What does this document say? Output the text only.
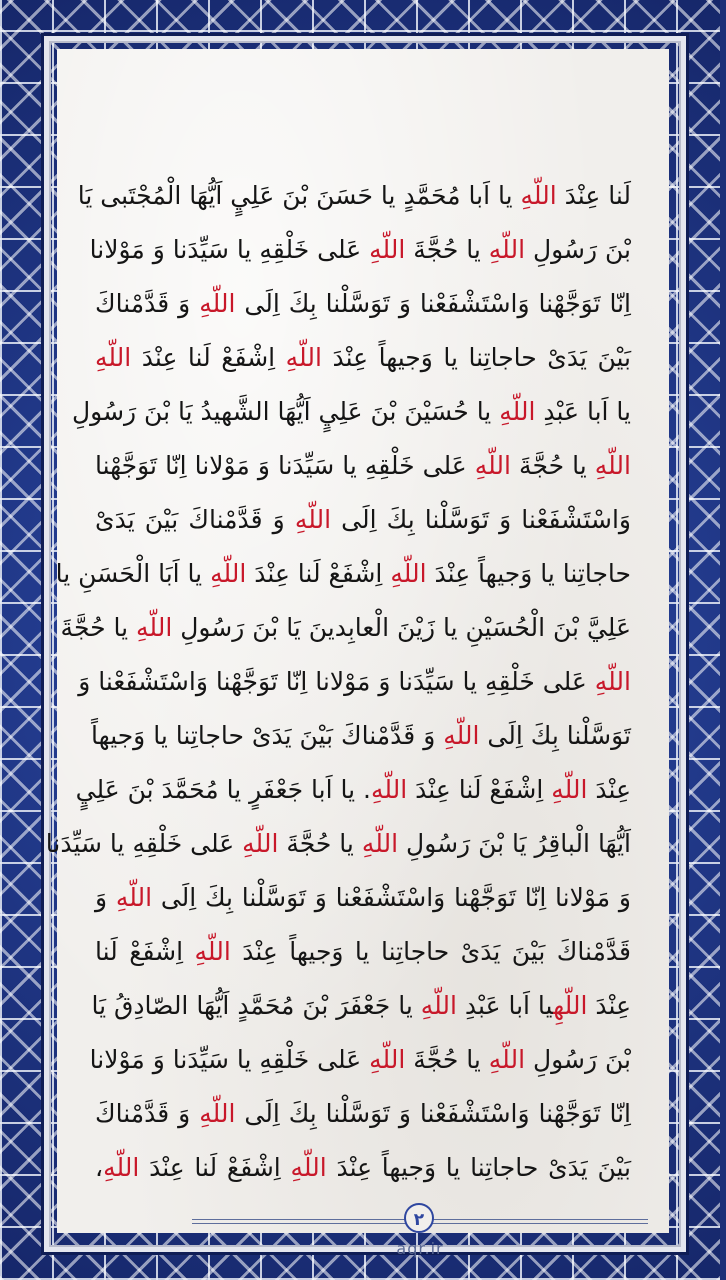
لَنا عِنْدَ اللّهِ يا اَبا مُحَمَّدٍ يا حَسَنَ بْنَ عَلِيٍ اَيُّهَا الْمُجْتَبى يَا
بْنَ رَسُولِ اللّهِ يا حُجَّةَ اللّهِ عَلى خَلْقِهِ يا سَيِّدَنا وَ مَوْلانا
اِنّا تَوَجَّهْنا وَاسْتَشْفَعْنا وَ تَوَسَّلْنا بِكَ اِلَى اللّهِ وَ قَدَّمْناكَ
بَيْنَ يَدَیْ حاجاتِنا يا وَجيهاً عِنْدَ اللّهِ اِشْفَعْ لَنا عِنْدَ اللّهِ
يا اَبا عَبْدِ اللّهِ يا حُسَيْنَ بْنَ عَلِيٍ اَيُّهَا الشَّهيدُ يَا بْنَ رَسُولِ
اللّهِ يا حُجَّةَ اللّهِ عَلى خَلْقِهِ يا سَيِّدَنا وَ مَوْلانا اِنّا تَوَجَّهْنا
وَاسْتَشْفَعْنا وَ تَوَسَّلْنا بِكَ اِلَى اللّهِ وَ قَدَّمْناكَ بَيْنَ يَدَیْ
حاجاتِنا يا وَجيهاً عِنْدَ اللّهِ اِشْفَعْ لَنا عِنْدَ اللّهِ يا اَبَا الْحَسَنِ يا
عَلِيَّ بْنَ الْحُسَيْنِ يا زَيْنَ الْعابِدينَ يَا بْنَ رَسُولِ اللّهِ يا حُجَّةَ
اللّهِ عَلى خَلْقِهِ يا سَيِّدَنا وَ مَوْلانا اِنّا تَوَجَّهْنا وَاسْتَشْفَعْنا وَ
تَوَسَّلْنا بِكَ اِلَى اللّهِ وَ قَدَّمْناكَ بَيْنَ يَدَیْ حاجاتِنا يا وَجيهاً
عِنْدَ اللّهِ اِشْفَعْ لَنا عِنْدَ اللّهِ. يا اَبا جَعْفَرٍ يا مُحَمَّدَ بْنَ عَلِيٍ
اَيُّهَا الْباقِرُ يَا بْنَ رَسُولِ اللّهِ يا حُجَّةَ اللّهِ عَلى خَلْقِهِ يا سَيِّدَنا
وَ مَوْلانا اِنّا تَوَجَّهْنا وَاسْتَشْفَعْنا وَ تَوَسَّلْنا بِكَ اِلَى اللّهِ وَ
قَدَّمْناكَ بَيْنَ يَدَیْ حاجاتِنا يا وَجيهاً عِنْدَ اللّهِ اِشْفَعْ لَنا
عِنْدَ اللّهِيا اَبا عَبْدِ اللّهِ يا جَعْفَرَ بْنَ مُحَمَّدٍ اَيُّهَا الصّادِقُ يَا
بْنَ رَسُولِ اللّهِ يا حُجَّةَ اللّهِ عَلى خَلْقِهِ يا سَيِّدَنا وَ مَوْلانا
اِنّا تَوَجَّهْنا وَاسْتَشْفَعْنا وَ تَوَسَّلْنا بِكَ اِلَى اللّهِ وَ قَدَّمْناكَ
بَيْنَ يَدَیْ حاجاتِنا يا وَجيهاً عِنْدَ اللّهِ اِشْفَعْ لَنا عِنْدَ اللّهِ،
۲
aqr.ir
